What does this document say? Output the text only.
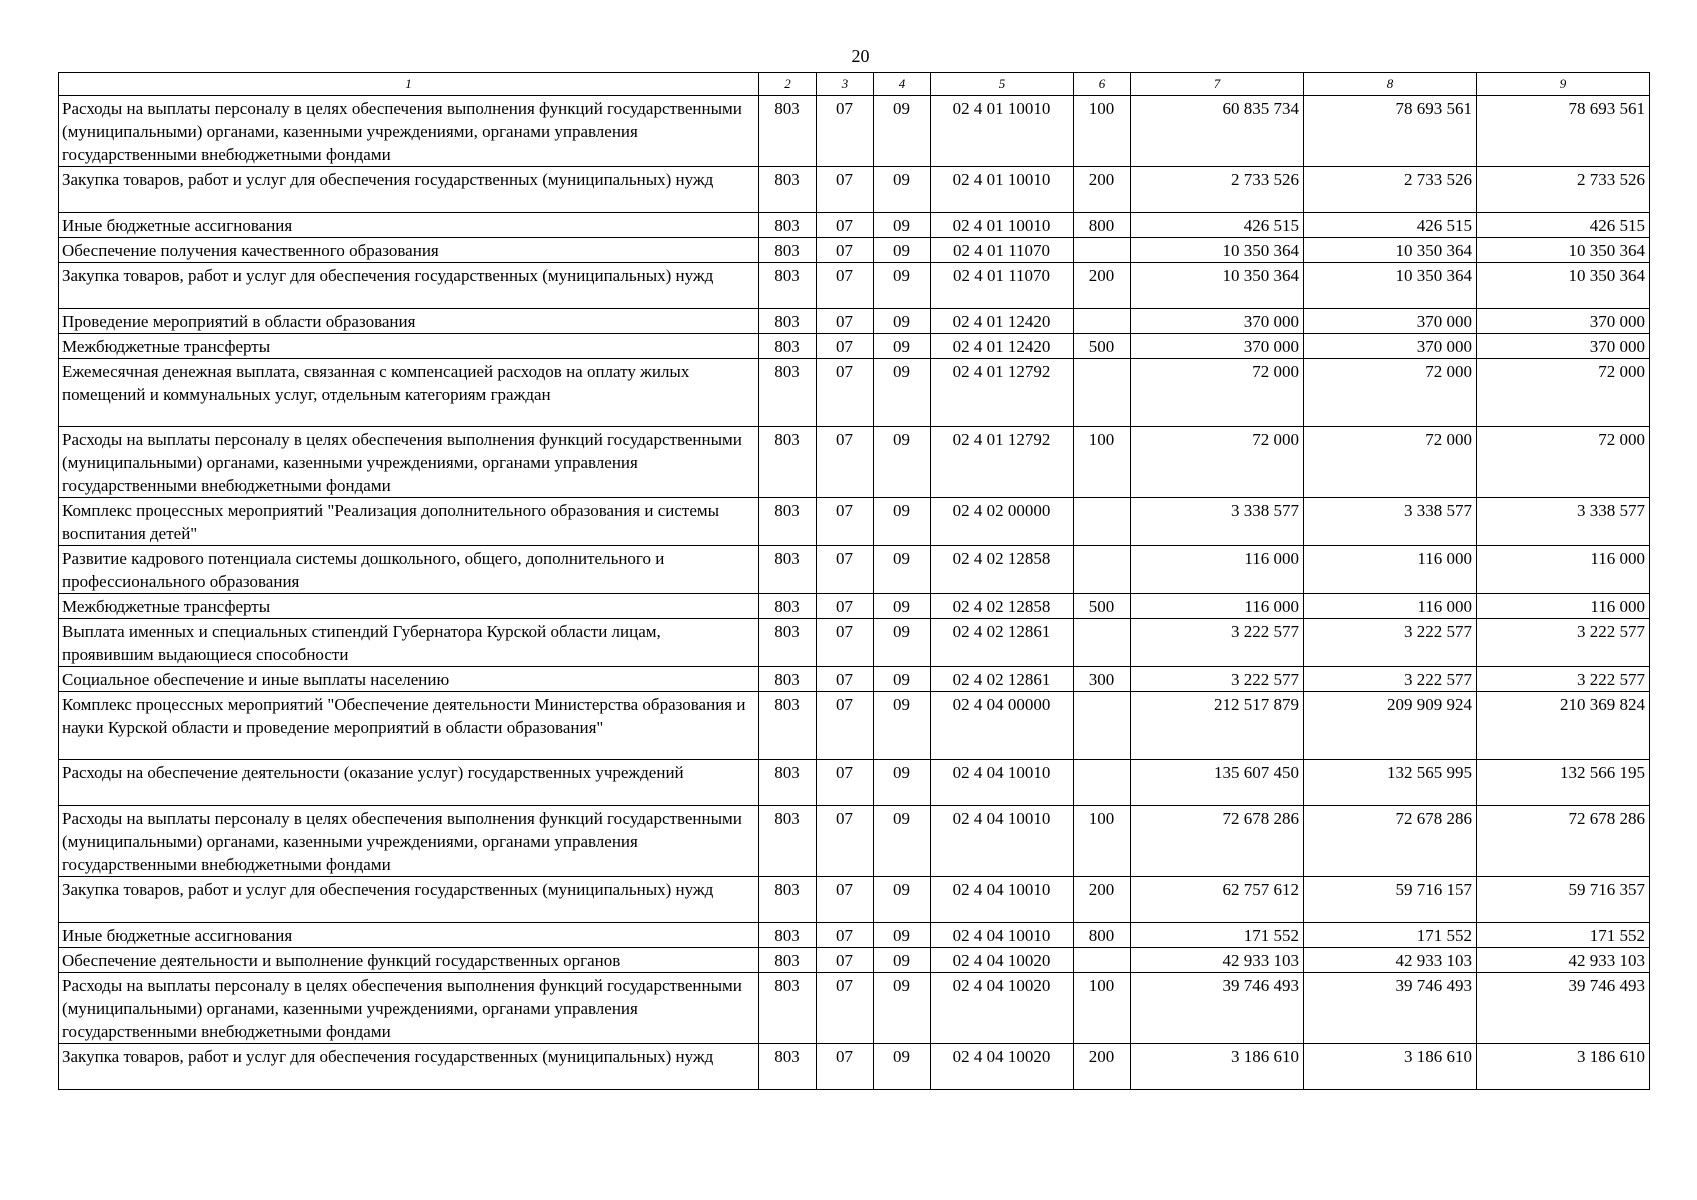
20
1	2	3	4	5	6	7	8	9
Расходы на выплаты персоналу в целях обеспечения выполнения функций государственными (муниципальными) органами, казенными учреждениями, органами управления государственными внебюджетными фондами	803	07	09	02 4 01 10010	100	60 835 734	78 693 561	78 693 561
Закупка товаров, работ и услуг для обеспечения государственных (муниципальных) нужд	803	07	09	02 4 01 10010	200	2 733 526	2 733 526	2 733 526
Иные бюджетные ассигнования	803	07	09	02 4 01 10010	800	426 515	426 515	426 515
Обеспечение получения качественного образования	803	07	09	02 4 01 11070		10 350 364	10 350 364	10 350 364
Закупка товаров, работ и услуг для обеспечения государственных (муниципальных) нужд	803	07	09	02 4 01 11070	200	10 350 364	10 350 364	10 350 364
Проведение мероприятий в области образования	803	07	09	02 4 01 12420		370 000	370 000	370 000
Межбюджетные трансферты	803	07	09	02 4 01 12420	500	370 000	370 000	370 000
Ежемесячная денежная выплата, связанная с компенсацией расходов на оплату жилых помещений и коммунальных услуг, отдельным категориям граждан	803	07	09	02 4 01 12792		72 000	72 000	72 000
Расходы на выплаты персоналу в целях обеспечения выполнения функций государственными (муниципальными) органами, казенными учреждениями, органами управления государственными внебюджетными фондами	803	07	09	02 4 01 12792	100	72 000	72 000	72 000
Комплекс процессных мероприятий "Реализация дополнительного образования и системы воспитания детей"	803	07	09	02 4 02 00000		3 338 577	3 338 577	3 338 577
Развитие кадрового потенциала системы дошкольного, общего, дополнительного и профессионального образования	803	07	09	02 4 02 12858		116 000	116 000	116 000
Межбюджетные трансферты	803	07	09	02 4 02 12858	500	116 000	116 000	116 000
Выплата именных и специальных стипендий Губернатора Курской области лицам, проявившим выдающиеся способности	803	07	09	02 4 02 12861		3 222 577	3 222 577	3 222 577
Социальное обеспечение и иные выплаты населению	803	07	09	02 4 02 12861	300	3 222 577	3 222 577	3 222 577
Комплекс процессных мероприятий "Обеспечение деятельности Министерства образования и науки Курской области и проведение мероприятий в области образования"	803	07	09	02 4 04 00000		212 517 879	209 909 924	210 369 824
Расходы на обеспечение деятельности (оказание услуг) государственных учреждений	803	07	09	02 4 04 10010		135 607 450	132 565 995	132 566 195
Расходы на выплаты персоналу в целях обеспечения выполнения функций государственными (муниципальными) органами, казенными учреждениями, органами управления государственными внебюджетными фондами	803	07	09	02 4 04 10010	100	72 678 286	72 678 286	72 678 286
Закупка товаров, работ и услуг для обеспечения государственных (муниципальных) нужд	803	07	09	02 4 04 10010	200	62 757 612	59 716 157	59 716 357
Иные бюджетные ассигнования	803	07	09	02 4 04 10010	800	171 552	171 552	171 552
Обеспечение деятельности и выполнение функций государственных органов	803	07	09	02 4 04 10020		42 933 103	42 933 103	42 933 103
Расходы на выплаты персоналу в целях обеспечения выполнения функций государственными (муниципальными) органами, казенными учреждениями, органами управления государственными внебюджетными фондами	803	07	09	02 4 04 10020	100	39 746 493	39 746 493	39 746 493
Закупка товаров, работ и услуг для обеспечения государственных (муниципальных) нужд	803	07	09	02 4 04 10020	200	3 186 610	3 186 610	3 186 610
